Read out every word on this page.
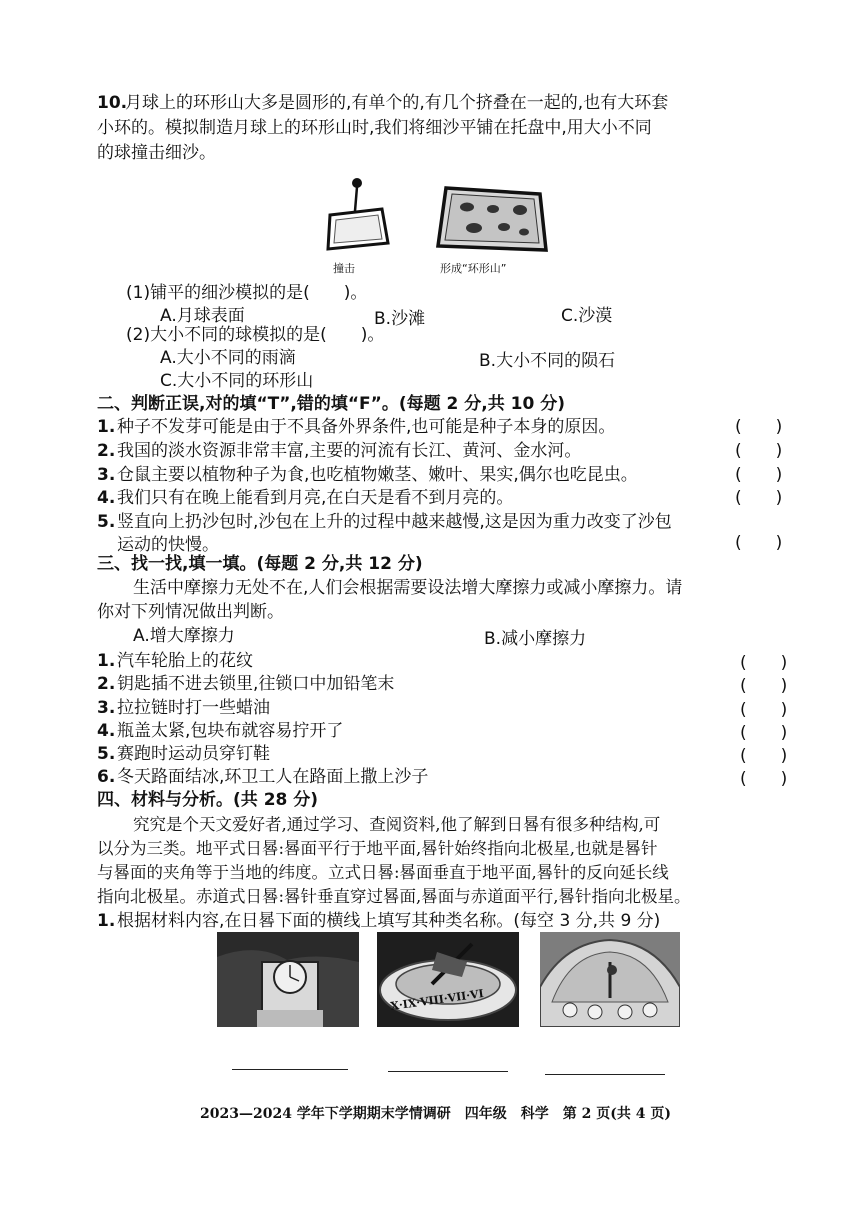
10.
月球上的环形山大多是圆形的,有单个的,有几个挤叠在一起的,也有大环套
小环的。模拟制造月球上的环形山时,我们将细沙平铺在托盘中,用大小不同
的球撞击细沙。
撞击	形成“环形山”
(1)铺平的细沙模拟的是(　　)。
A.月球表面	B.沙滩	C.沙漠
(2)大小不同的球模拟的是(　　)。
A.大小不同的雨滴	B.大小不同的陨石
C.大小不同的环形山
二、判断正误,对的填“T”,错的填“F”。(每题 2 分,共 10 分)
1. 种子不发芽可能是由于不具备外界条件,也可能是种子本身的原因。	(　　)
2. 我国的淡水资源非常丰富,主要的河流有长江、黄河、金水河。	(　　)
3. 仓鼠主要以植物种子为食,也吃植物嫩茎、嫩叶、果实,偶尔也吃昆虫。	(　　)
4. 我们只有在晚上能看到月亮,在白天是看不到月亮的。	(　　)
5. 竖直向上扔沙包时,沙包在上升的过程中越来越慢,这是因为重力改变了沙包
运动的快慢。	(　　)
三、找一找,填一填。(每题 2 分,共 12 分)
生活中摩擦力无处不在,人们会根据需要设法增大摩擦力或减小摩擦力。请
你对下列情况做出判断。
A.增大摩擦力	B.减小摩擦力
1. 汽车轮胎上的花纹	(　　)
2. 钥匙插不进去锁里,往锁口中加铅笔末	(　　)
3. 拉拉链时打一些蜡油	(　　)
4. 瓶盖太紧,包块布就容易拧开了	(　　)
5. 赛跑时运动员穿钉鞋	(　　)
6. 冬天路面结冰,环卫工人在路面上撒上沙子	(　　)
四、材料与分析。(共 28 分)
究究是个天文爱好者,通过学习、查阅资料,他了解到日晷有很多种结构,可
以分为三类。地平式日晷:晷面平行于地平面,晷针始终指向北极星,也就是晷针
与晷面的夹角等于当地的纬度。立式日晷:晷面垂直于地平面,晷针的反向延长线
指向北极星。赤道式日晷:晷针垂直穿过晷面,晷面与赤道面平行,晷针指向北极星。
1. 根据材料内容,在日晷下面的横线上填写其种类名称。(每空 3 分,共 9 分)
X·IX·VIII·VII·VI
2023—2024 学年下学期期末学情调研　四年级　科学　第 2 页(共 4 页)
